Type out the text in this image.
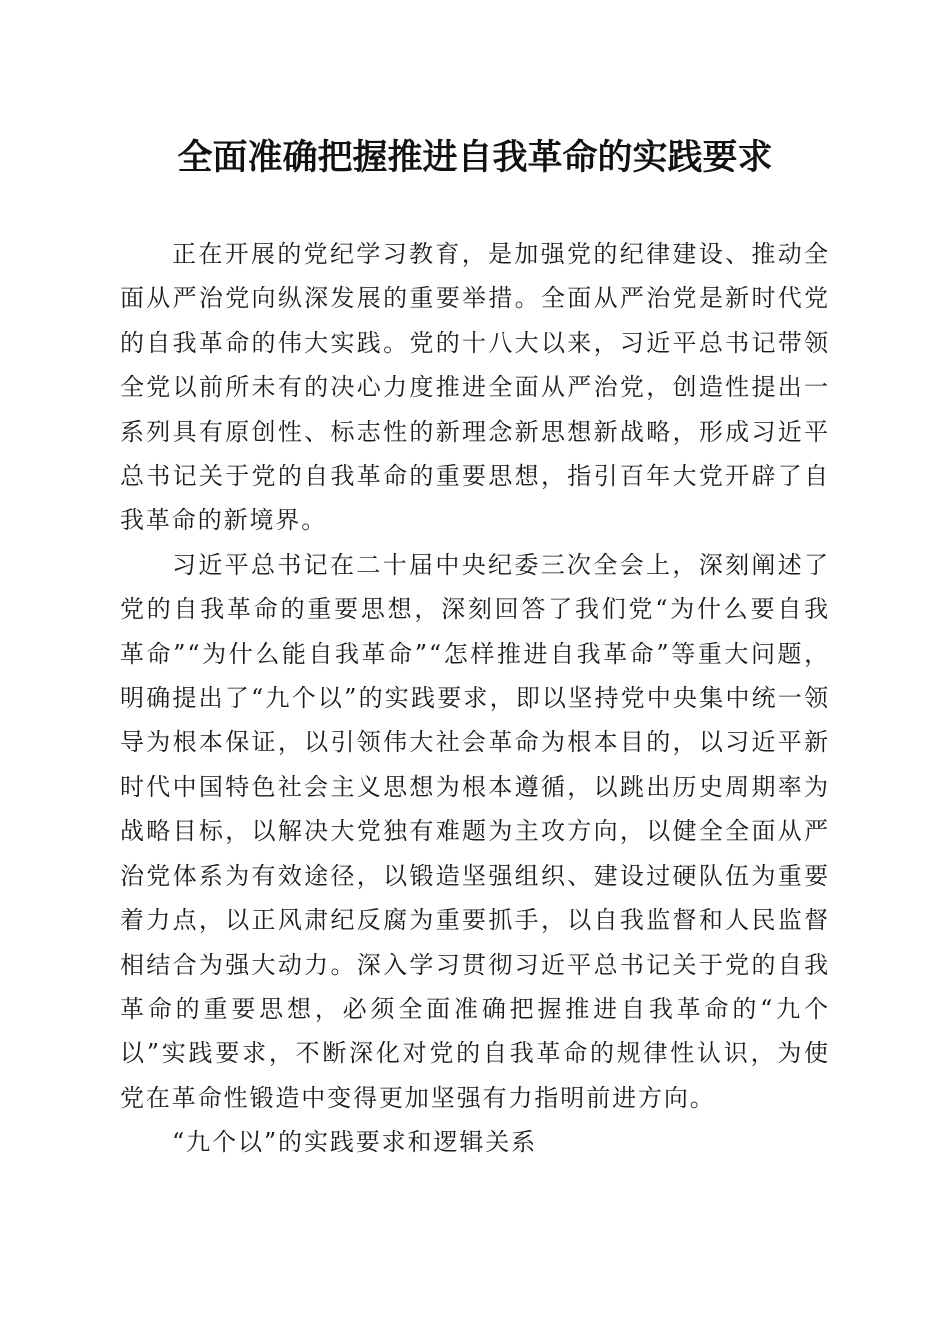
全面准确把握推进自我革命的实践要求

正在开展的党纪学习教育，是加强党的纪律建设、推动全面从严治党向纵深发展的重要举措。全面从严治党是新时代党的自我革命的伟大实践。党的十八大以来，习近平总书记带领全党以前所未有的决心力度推进全面从严治党，创造性提出一系列具有原创性、标志性的新理念新思想新战略，形成习近平总书记关于党的自我革命的重要思想，指引百年大党开辟了自我革命的新境界。

习近平总书记在二十届中央纪委三次全会上，深刻阐述了党的自我革命的重要思想，深刻回答了我们党“为什么要自我革命”“为什么能自我革命”“怎样推进自我革命”等重大问题，明确提出了“九个以”的实践要求，即以坚持党中央集中统一领导为根本保证，以引领伟大社会革命为根本目的，以习近平新时代中国特色社会主义思想为根本遵循，以跳出历史周期率为战略目标，以解决大党独有难题为主攻方向，以健全全面从严治党体系为有效途径，以锻造坚强组织、建设过硬队伍为重要着力点，以正风肃纪反腐为重要抓手，以自我监督和人民监督相结合为强大动力。深入学习贯彻习近平总书记关于党的自我革命的重要思想，必须全面准确把握推进自我革命的“九个以”实践要求，不断深化对党的自我革命的规律性认识，为使党在革命性锻造中变得更加坚强有力指明前进方向。

“九个以”的实践要求和逻辑关系
